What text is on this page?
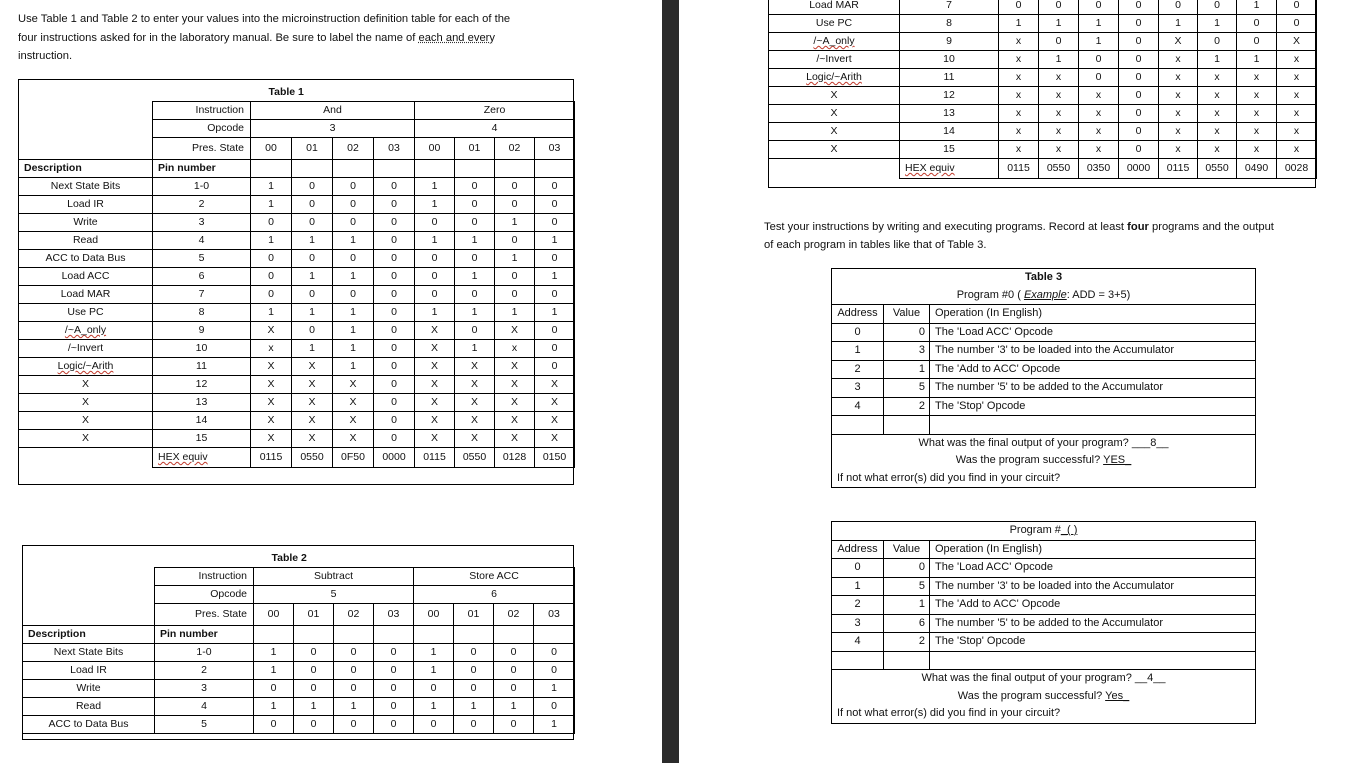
Use Table 1 and Table 2 to enter your values into the microinstruction definition table for each of the
four instructions asked for in the laboratory manual. Be sure to label the name of each and every
instruction.
		Table 1							
	Instruction	And				Zero			
	Opcode	3				4			
	Pres. State	00	01	02	03	00	01	02	03
Description	Pin number								
Next State Bits	1-0	1	0	0	0	1	0	0	0
Load IR	2	1	0	0	0	1	0	0	0
Write	3	0	0	0	0	0	0	1	0
Read	4	1	1	1	0	1	1	0	1
ACC to Data Bus	5	0	0	0	0	0	0	1	0
Load ACC	6	0	1	1	0	0	1	0	1
Load MAR	7	0	0	0	0	0	0	0	0
Use PC	8	1	1	1	0	1	1	1	1
/~A_only	9	X	0	1	0	X	0	X	0
/~Invert	10	x	1	1	0	X	1	x	0
Logic/~Arith	11	X	X	1	0	X	X	X	0
X	12	X	X	X	0	X	X	X	X
X	13	X	X	X	0	X	X	X	X
X	14	X	X	X	0	X	X	X	X
X	15	X	X	X	0	X	X	X	X
	HEX equiv	0115	0550	0F50	0000	0115	0550	0128	0150
		Table 2							
	Instruction	Subtract				Store ACC			
	Opcode	5				6			
	Pres. State	00	01	02	03	00	01	02	03
Description	Pin number								
Next State Bits	1-0	1	0	0	0	1	0	0	0
Load IR	2	1	0	0	0	1	0	0	0
Write	3	0	0	0	0	0	0	0	1
Read	4	1	1	1	0	1	1	1	0
ACC to Data Bus	5	0	0	0	0	0	0	0	1
Load MAR	7	0	0	0	0	0	0	1	0
Use PC	8	1	1	1	0	1	1	0	0
/~A_only	9	x	0	1	0	X	0	0	X
/~Invert	10	x	1	0	0	x	1	1	x
Logic/~Arith	11	x	x	0	0	x	x	x	x
X	12	x	x	x	0	x	x	x	x
X	13	x	x	x	0	x	x	x	x
X	14	x	x	x	0	x	x	x	x
X	15	x	x	x	0	x	x	x	x
	HEX equiv	0115	0550	0350	0000	0115	0550	0490	0028
Test your instructions by writing and executing programs. Record at least four programs and the output
of each program in tables like that of Table 3.
Table 3		
Program #0 ( Example: ADD = 3+5)		
Address	Value	Operation (In English)
0	0	The 'Load ACC' Opcode
1	3	The number '3' to be loaded into the Accumulator
2	1	The 'Add to ACC' Opcode
3	5	The number '5' to be added to the Accumulator
4	2	The 'Stop' Opcode

What was the final output of your program? ___8__		
Was the program successful? YES_		
If not what error(s) did you find in your circuit?		
Program #_( )		
Address	Value	Operation (In English)
0	0	The 'Load ACC' Opcode
1	5	The number '3' to be loaded into the Accumulator
2	1	The 'Add to ACC' Opcode
3	6	The number '5' to be added to the Accumulator
4	2	The 'Stop' Opcode

What was the final output of your program? __4__		
Was the program successful? Yes_		
If not what error(s) did you find in your circuit?		
